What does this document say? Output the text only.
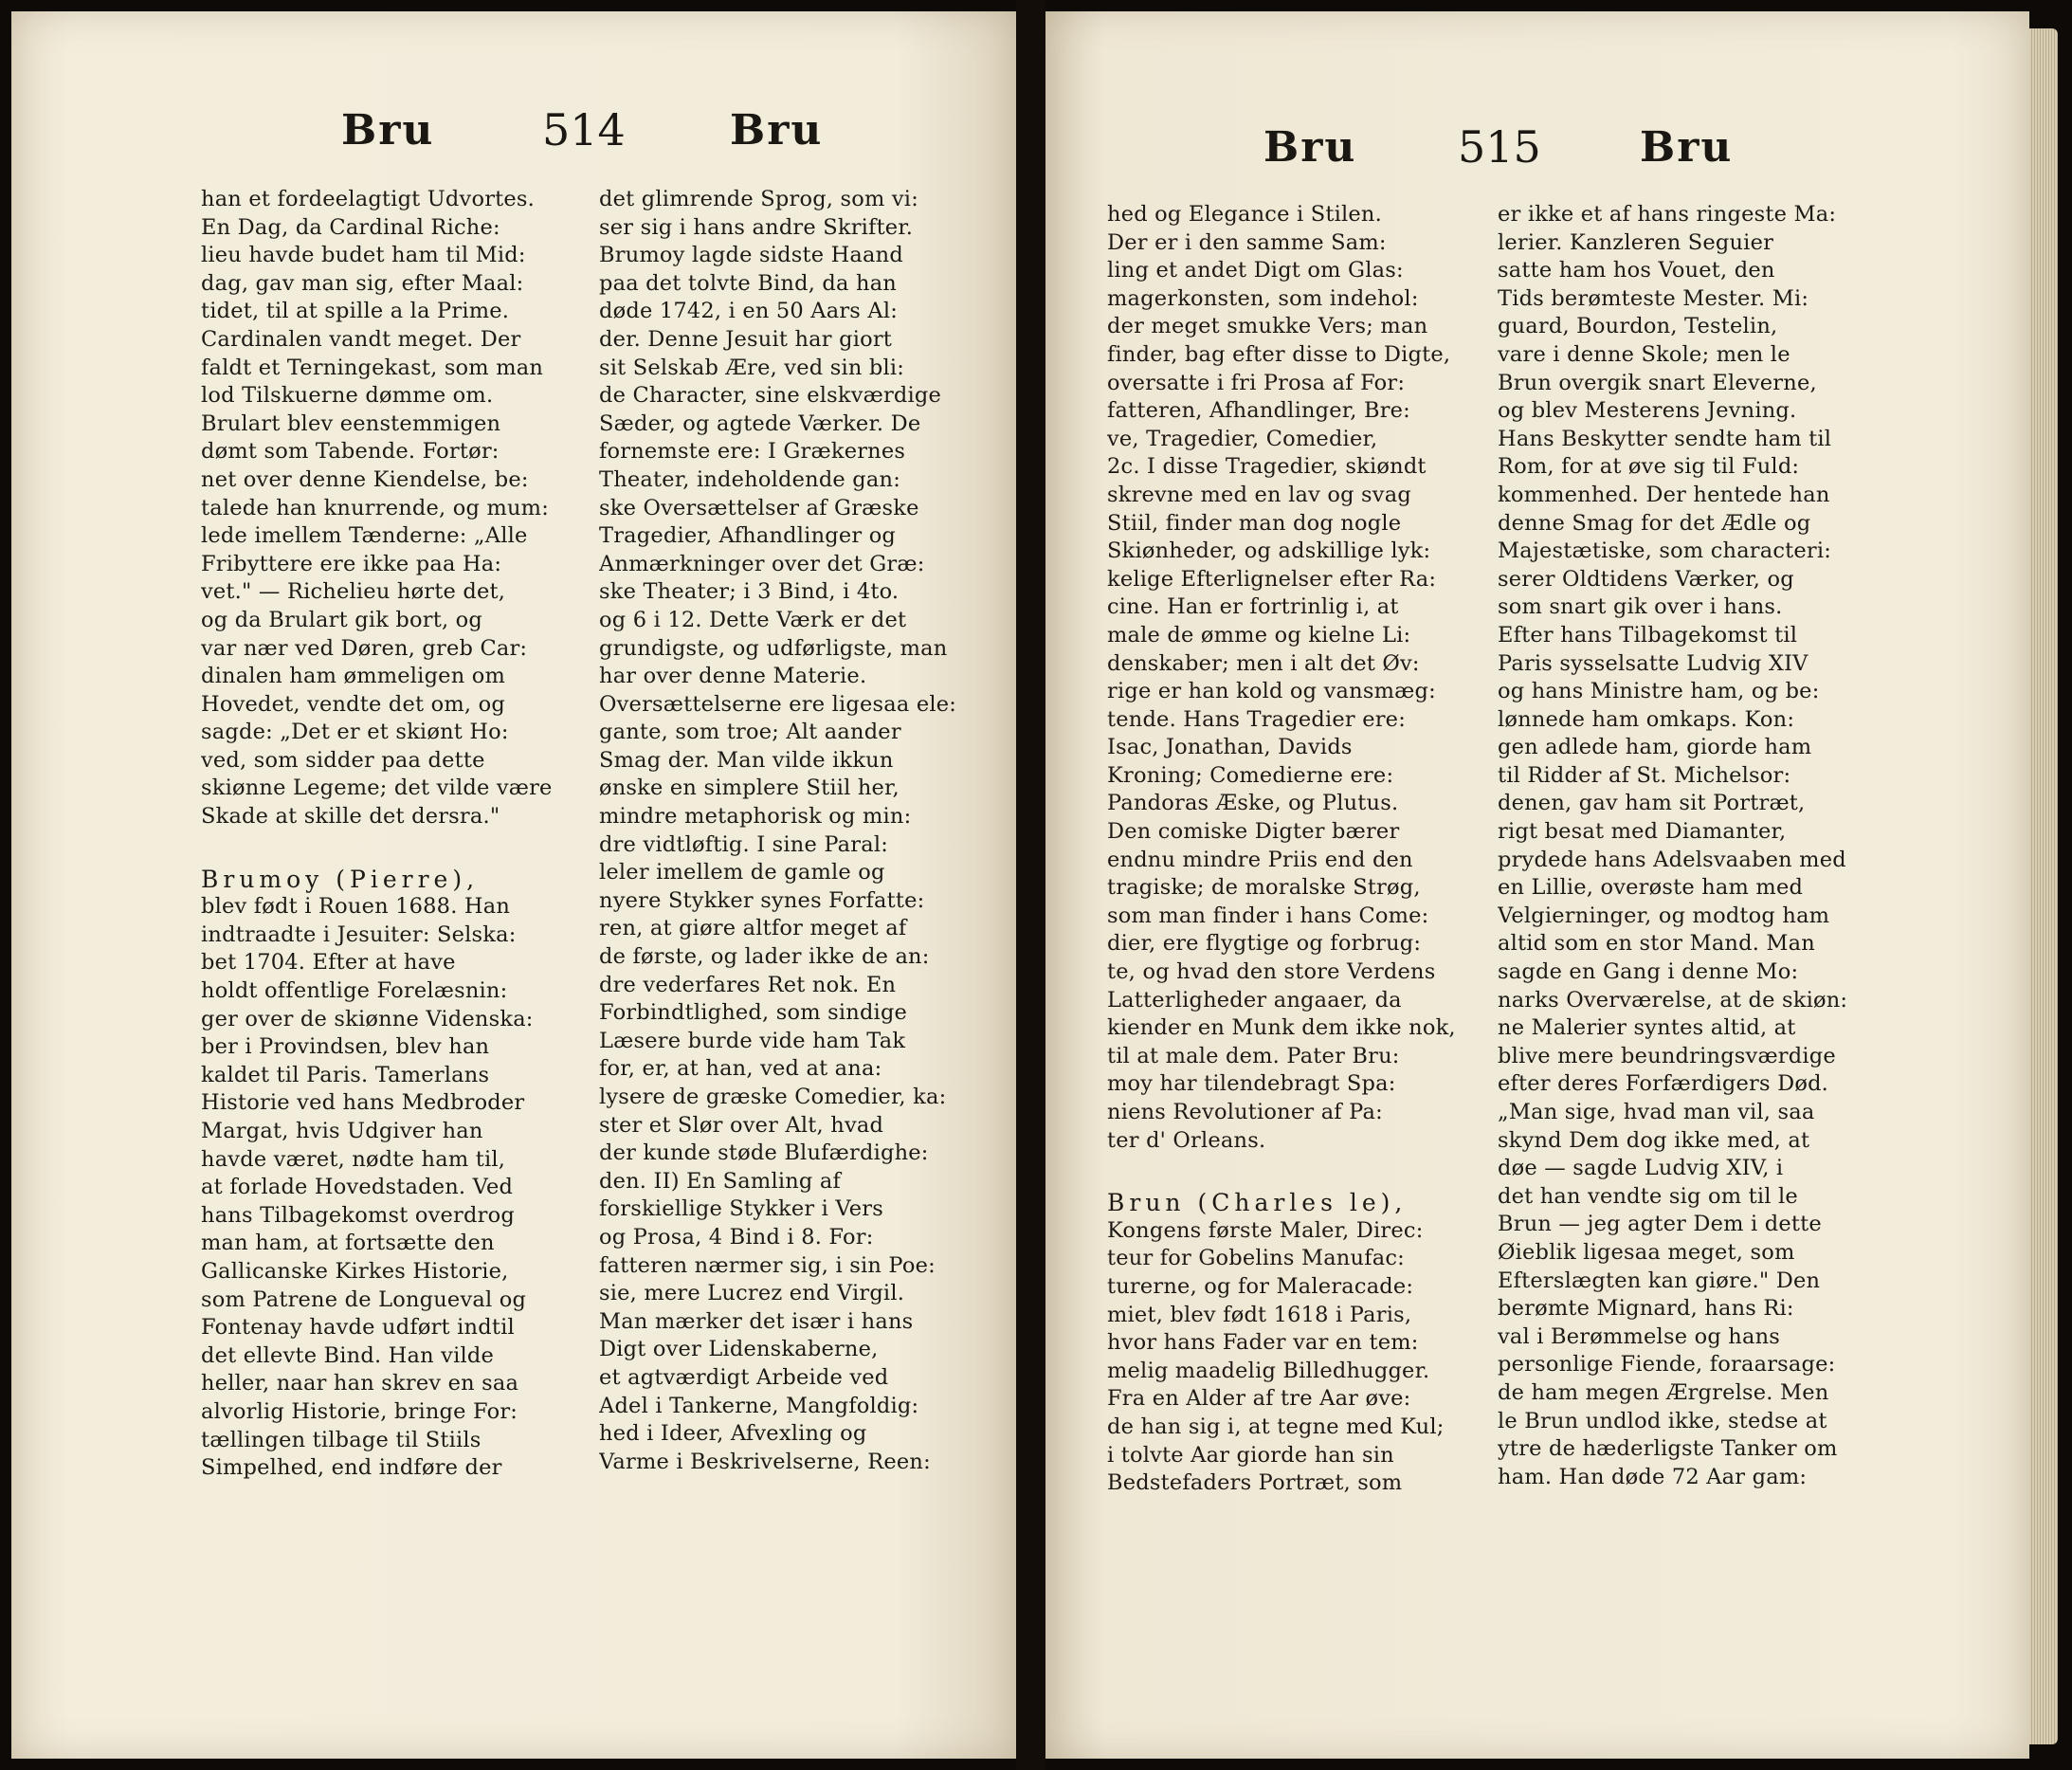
Bru 514	Bru	Bru 515 Bru
han et fordeelagtigt Udvortes.
En Dag, da Cardinal Riche:
lieu havde budet ham til Mid:
dag, gav man sig, efter Maal:
tidet, til at spille a la Prime.
Cardinalen vandt meget. Der
faldt et Terningekast, som man
lod Tilskuerne dømme om.
Brulart blev eenstemmigen
dømt som Tabende. Fortør:
net over denne Kiendelse, be:
talede han knurrende, og mum:
lede imellem Tænderne: „Alle
Fribyttere ere ikke paa Ha:
vet." — Richelieu hørte det,
og da Brulart gik bort, og
var nær ved Døren, greb Car:
dinalen ham ømmeligen om
Hovedet, vendte det om, og
sagde: „Det er et skiønt Ho:
ved, som sidder paa dette
skiønne Legeme; det vilde være
Skade at skille det dersra."
Brumoy (Pierre),
blev født i Rouen 1688. Han
indtraadte i Jesuiter: Selska:
bet 1704. Efter at have
holdt offentlige Forelæsnin:
ger over de skiønne Videnska:
ber i Provindsen, blev han
kaldet til Paris. Tamerlans
Historie ved hans Medbroder
Margat, hvis Udgiver han
havde været, nødte ham til,
at forlade Hovedstaden. Ved
hans Tilbagekomst overdrog
man ham, at fortsætte den
Gallicanske Kirkes Historie,
som Patrene de Longueval og
Fontenay havde udført indtil
det ellevte Bind. Han vilde
heller, naar han skrev en saa
alvorlig Historie, bringe For:
tællingen tilbage til Stiils
Simpelhed, end indføre der
det glimrende Sprog, som vi:
ser sig i hans andre Skrifter.
Brumoy lagde sidste Haand
paa det tolvte Bind, da han
døde 1742, i en 50 Aars Al:
der. Denne Jesuit har giort
sit Selskab Ære, ved sin bli:
de Character, sine elskværdige
Sæder, og agtede Værker. De
fornemste ere: I Grækernes
Theater, indeholdende gan:
ske Oversættelser af Græske
Tragedier, Afhandlinger og
Anmærkninger over det Græ:
ske Theater; i 3 Bind, i 4to.
og 6 i 12. Dette Værk er det
grundigste, og udførligste, man
har over denne Materie.
Oversættelserne ere ligesaa ele:
gante, som troe; Alt aander
Smag der. Man vilde ikkun
ønske en simplere Stiil her,
mindre metaphorisk og min:
dre vidtløftig. I sine Paral:
leler imellem de gamle og
nyere Stykker synes Forfatte:
ren, at giøre altfor meget af
de første, og lader ikke de an:
dre vederfares Ret nok. En
Forbindtlighed, som sindige
Læsere burde vide ham Tak
for, er, at han, ved at ana:
lysere de græske Comedier, ka:
ster et Slør over Alt, hvad
der kunde støde Blufærdighe:
den. II) En Samling af
forskiellige Stykker i Vers
og Prosa, 4 Bind i 8. For:
fatteren nærmer sig, i sin Poe:
sie, mere Lucrez end Virgil.
Man mærker det især i hans
Digt over Lidenskaberne,
et agtværdigt Arbeide ved
Adel i Tankerne, Mangfoldig:
hed i Ideer, Afvexling og
Varme i Beskrivelserne, Reen:
hed og Elegance i Stilen.
Der er i den samme Sam:
ling et andet Digt om Glas:
magerkonsten, som indehol:
der meget smukke Vers; man
finder, bag efter disse to Digte,
oversatte i fri Prosa af For:
fatteren, Afhandlinger, Bre:
ve, Tragedier, Comedier,
2c. I disse Tragedier, skiøndt
skrevne med en lav og svag
Stiil, finder man dog nogle
Skiønheder, og adskillige lyk:
kelige Efterlignelser efter Ra:
cine. Han er fortrinlig i, at
male de ømme og kielne Li:
denskaber; men i alt det Øv:
rige er han kold og vansmæg:
tende. Hans Tragedier ere:
Isac, Jonathan, Davids
Kroning; Comedierne ere:
Pandoras Æske, og Plutus.
Den comiske Digter bærer
endnu mindre Priis end den
tragiske; de moralske Strøg,
som man finder i hans Come:
dier, ere flygtige og forbrug:
te, og hvad den store Verdens
Latterligheder angaaer, da
kiender en Munk dem ikke nok,
til at male dem. Pater Bru:
moy har tilendebragt Spa:
niens Revolutioner af Pa:
ter d' Orleans.
Brun (Charles le),
Kongens første Maler, Direc:
teur for Gobelins Manufac:
turerne, og for Maleracade:
miet, blev født 1618 i Paris,
hvor hans Fader var en tem:
melig maadelig Billedhugger.
Fra en Alder af tre Aar øve:
de han sig i, at tegne med Kul;
i tolvte Aar giorde han sin
Bedstefaders Portræt, som
er ikke et af hans ringeste Ma:
lerier. Kanzleren Seguier
satte ham hos Vouet, den
Tids berømteste Mester. Mi:
guard, Bourdon, Testelin,
vare i denne Skole; men le
Brun overgik snart Eleverne,
og blev Mesterens Jevning.
Hans Beskytter sendte ham til
Rom, for at øve sig til Fuld:
kommenhed. Der hentede han
denne Smag for det Ædle og
Majestætiske, som characteri:
serer Oldtidens Værker, og
som snart gik over i hans.
Efter hans Tilbagekomst til
Paris sysselsatte Ludvig XIV
og hans Ministre ham, og be:
lønnede ham omkaps. Kon:
gen adlede ham, giorde ham
til Ridder af St. Michelsor:
denen, gav ham sit Portræt,
rigt besat med Diamanter,
prydede hans Adelsvaaben med
en Lillie, overøste ham med
Velgierninger, og modtog ham
altid som en stor Mand. Man
sagde en Gang i denne Mo:
narks Overværelse, at de skiøn:
ne Malerier syntes altid, at
blive mere beundringsværdige
efter deres Forfærdigers Død.
„Man sige, hvad man vil, saa
skynd Dem dog ikke med, at
døe — sagde Ludvig XIV, i
det han vendte sig om til le
Brun — jeg agter Dem i dette
Øieblik ligesaa meget, som
Efterslægten kan giøre." Den
berømte Mignard, hans Ri:
val i Berømmelse og hans
personlige Fiende, foraarsage:
de ham megen Ærgrelse. Men
le Brun undlod ikke, stedse at
ytre de hæderligste Tanker om
ham. Han døde 72 Aar gam:
